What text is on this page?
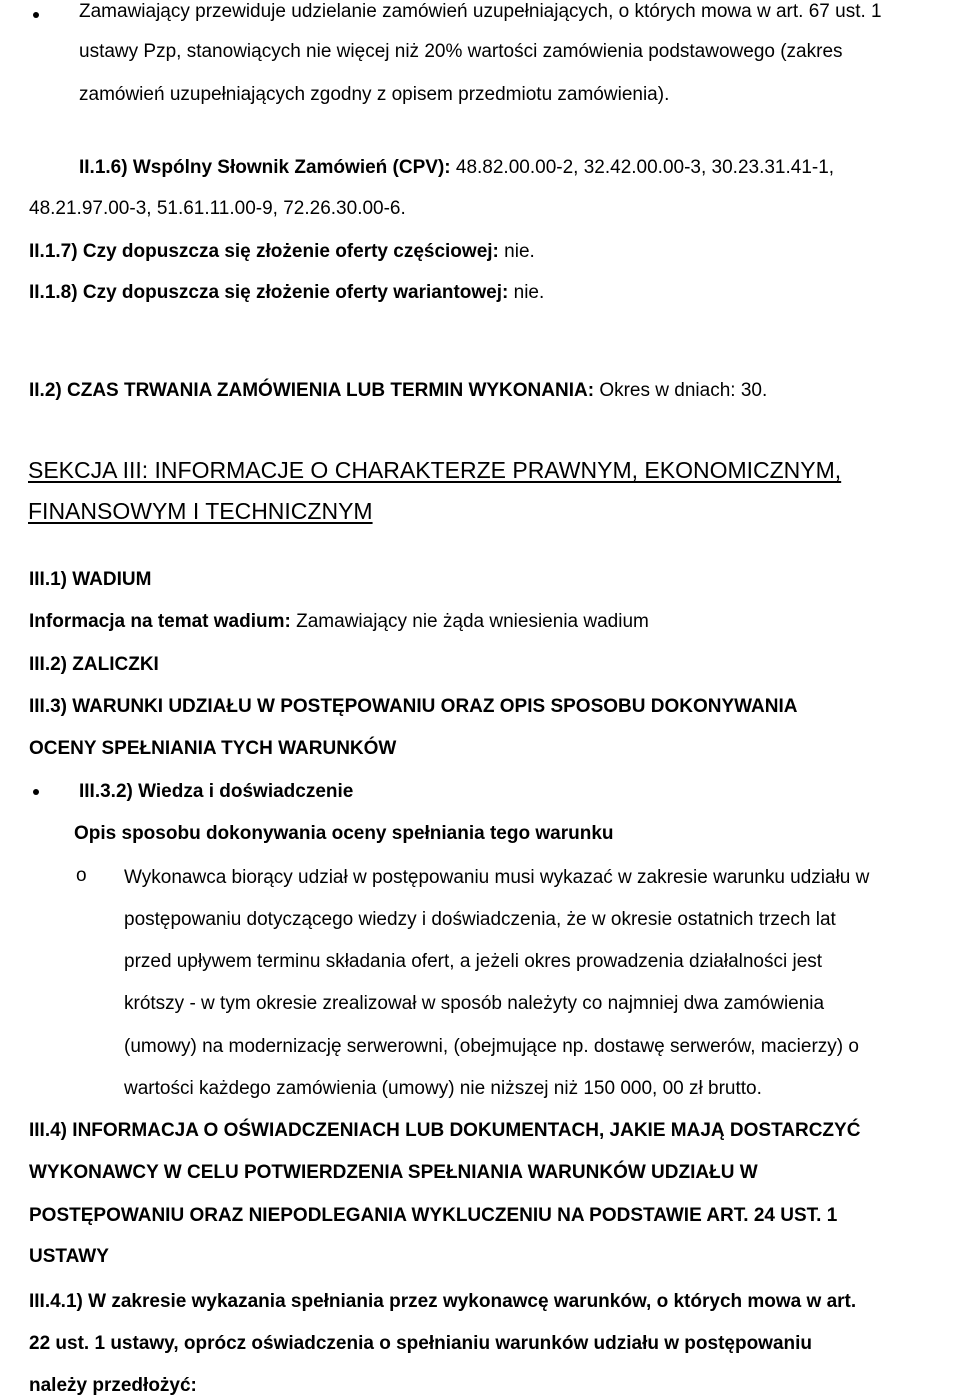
Zamawiający przewiduje udzielanie zamówień uzupełniających, o których mowa w art. 67 ust. 1
ustawy Pzp, stanowiących nie więcej niż 20% wartości zamówienia podstawowego (zakres
zamówień uzupełniających zgodny z opisem przedmiotu zamówienia).
II.1.6) Wspólny Słownik Zamówień (CPV): 48.82.00.00-2, 32.42.00.00-3, 30.23.31.41-1,
48.21.97.00-3, 51.61.11.00-9, 72.26.30.00-6.
II.1.7) Czy dopuszcza się złożenie oferty częściowej: nie.
II.1.8) Czy dopuszcza się złożenie oferty wariantowej: nie.
II.2) CZAS TRWANIA ZAMÓWIENIA LUB TERMIN WYKONANIA: Okres w dniach: 30.
SEKCJA III: INFORMACJE O CHARAKTERZE PRAWNYM, EKONOMICZNYM,
FINANSOWYM I TECHNICZNYM
III.1) WADIUM
Informacja na temat wadium: Zamawiający nie żąda wniesienia wadium
III.2) ZALICZKI
III.3) WARUNKI UDZIAŁU W POSTĘPOWANIU ORAZ OPIS SPOSOBU DOKONYWANIA
OCENY SPEŁNIANIA TYCH WARUNKÓW
III.3.2) Wiedza i doświadczenie
Opis sposobu dokonywania oceny spełniania tego warunku
o Wykonawca biorący udział w postępowaniu musi wykazać w zakresie warunku udziału w
postępowaniu dotyczącego wiedzy i doświadczenia, że w okresie ostatnich trzech lat
przed upływem terminu składania ofert, a jeżeli okres prowadzenia działalności jest
krótszy - w tym okresie zrealizował w sposób należyty co najmniej dwa zamówienia
(umowy) na modernizację serwerowni, (obejmujące np. dostawę serwerów, macierzy) o
wartości każdego zamówienia (umowy) nie niższej niż 150 000, 00 zł brutto.
III.4) INFORMACJA O OŚWIADCZENIACH LUB DOKUMENTACH, JAKIE MAJĄ DOSTARCZYĆ
WYKONAWCY W CELU POTWIERDZENIA SPEŁNIANIA WARUNKÓW UDZIAŁU W
POSTĘPOWANIU ORAZ NIEPODLEGANIA WYKLUCZENIU NA PODSTAWIE ART. 24 UST. 1
USTAWY
III.4.1) W zakresie wykazania spełniania przez wykonawcę warunków, o których mowa w art.
22 ust. 1 ustawy, oprócz oświadczenia o spełnianiu warunków udziału w postępowaniu
należy przedłożyć:
